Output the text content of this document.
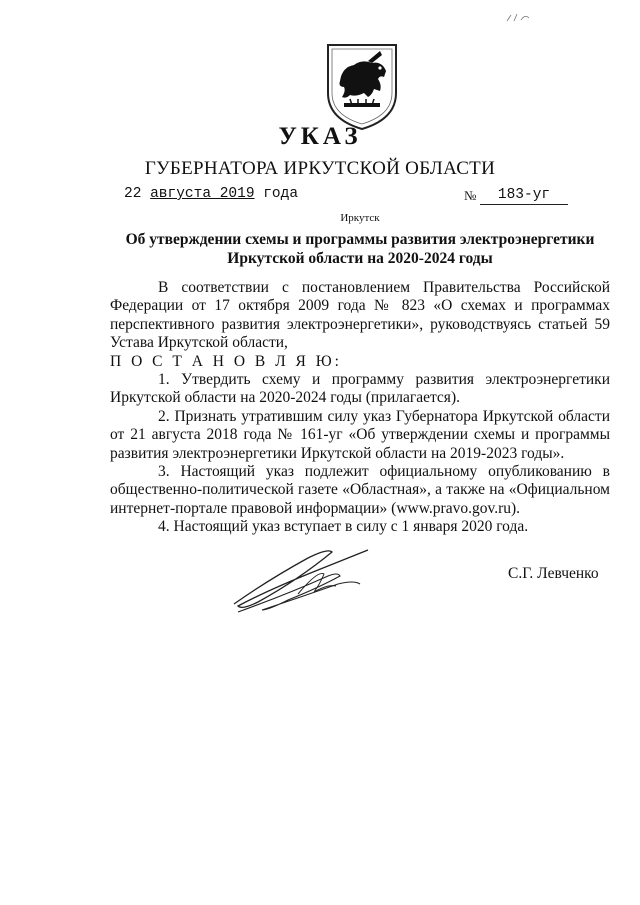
УКАЗ
ГУБЕРНАТОРА ИРКУТСКОЙ ОБЛАСТИ
22 августа 2019 года	№	183-уг
Иркутск
Об утверждении схемы и программы развития электроэнергетики
Иркутской области на 2020-2024 годы

В соответствии с постановлением Правительства Российской Федерации от 17 октября 2009 года № 823 «О схемах и программах перспективного развития электроэнергетики», руководствуясь статьей 59 Устава Иркутской области,

П О С Т А Н О В Л Я Ю:

1. Утвердить схему и программу развития электроэнергетики Иркутской области на 2020-2024 годы (прилагается).

2. Признать утратившим силу указ Губернатора Иркутской области от 21 августа 2018 года № 161-уг «Об утверждении схемы и программы развития электроэнергетики Иркутской области на 2019-2023 годы».

3. Настоящий указ подлежит официальному опубликованию в общественно-политической газете «Областная», а также на «Официальном интернет-портале правовой информации» (www.pravo.gov.ru).

4. Настоящий указ вступает в силу с 1 января 2020 года.

С.Г. Левченко
